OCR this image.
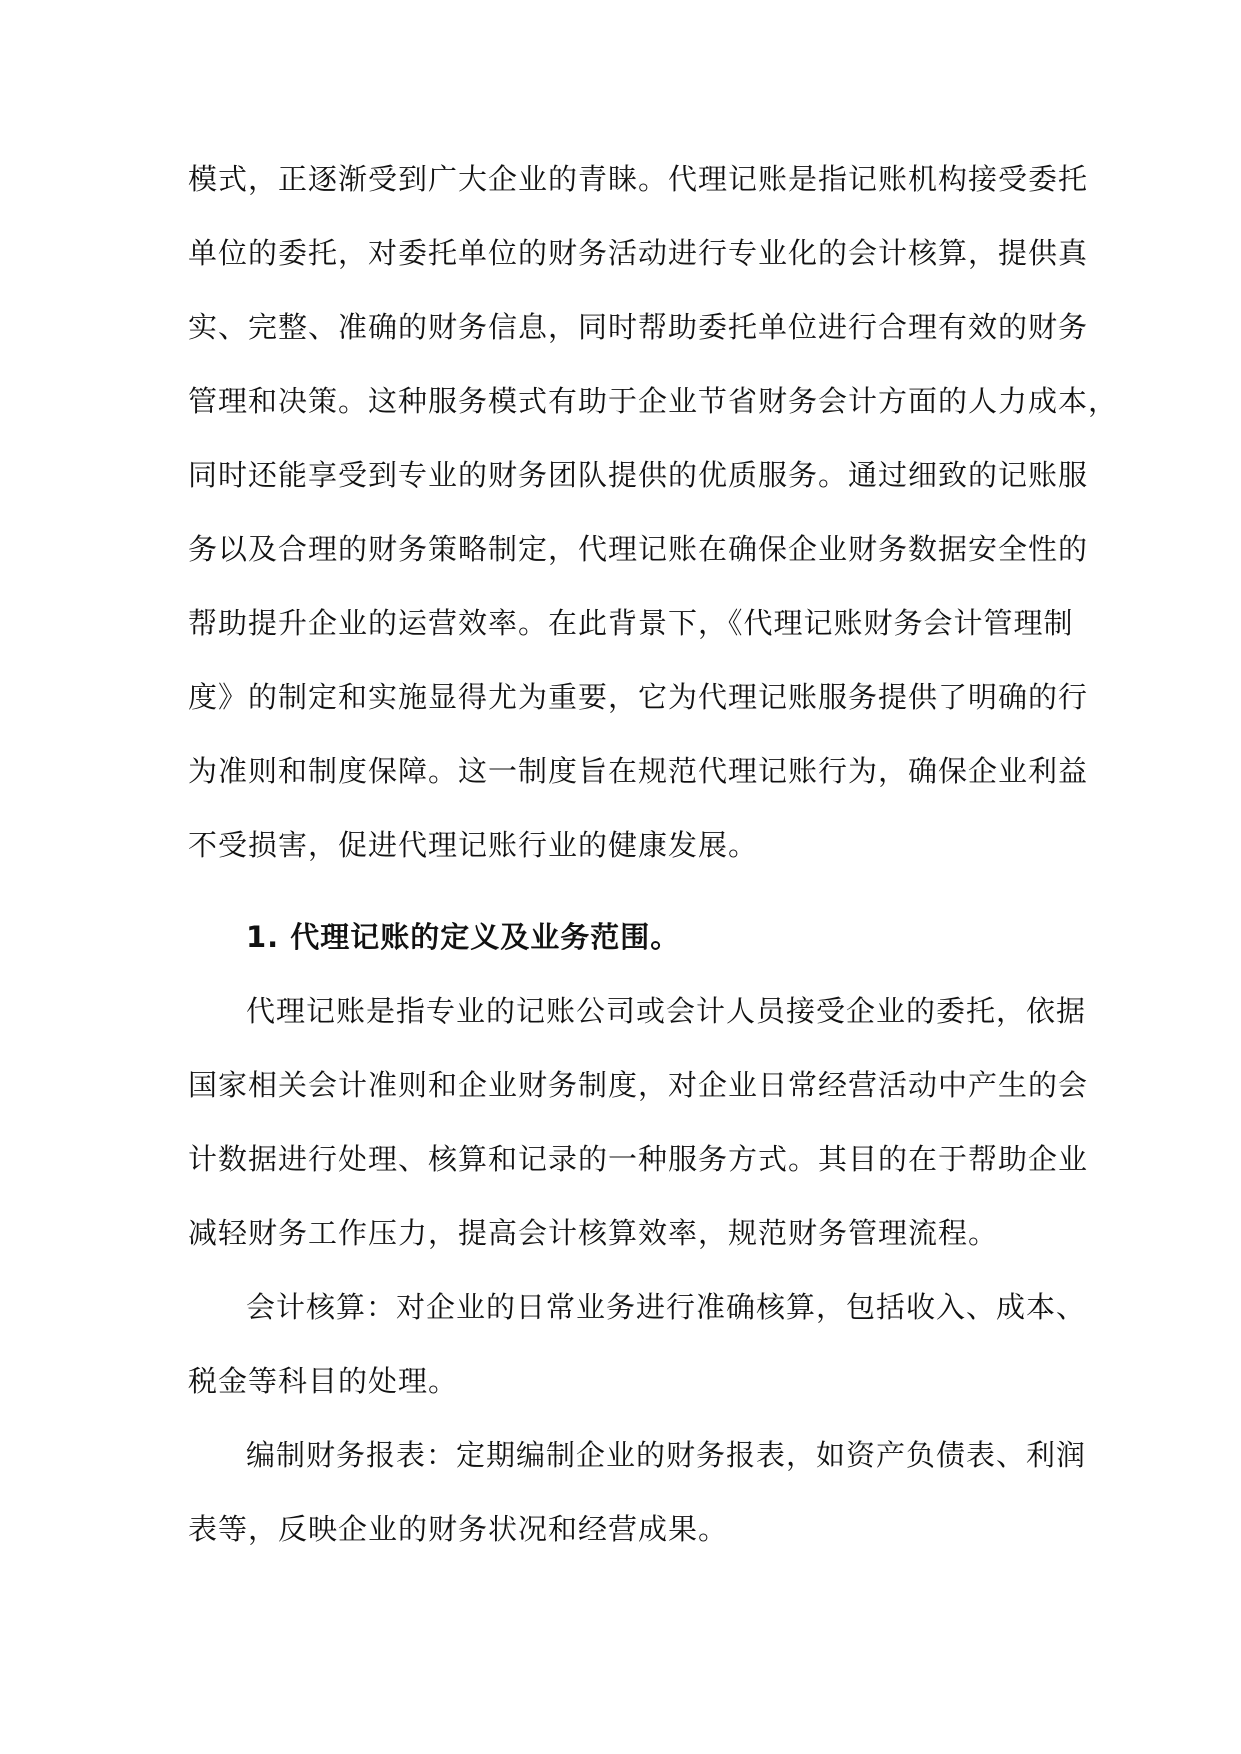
模式，正逐渐受到广大企业的青睐。代理记账是指记账机构接受委托
单位的委托，对委托单位的财务活动进行专业化的会计核算，提供真
实、完整、准确的财务信息，同时帮助委托单位进行合理有效的财务
管理和决策。这种服务模式有助于企业节省财务会计方面的人力成本，
同时还能享受到专业的财务团队提供的优质服务。通过细致的记账服
务以及合理的财务策略制定，代理记账在确保企业财务数据安全性的
帮助提升企业的运营效率。在此背景下，《代理记账财务会计管理制
度》的制定和实施显得尤为重要，它为代理记账服务提供了明确的行
为准则和制度保障。这一制度旨在规范代理记账行为，确保企业利益
不受损害，促进代理记账行业的健康发展。
1. 代理记账的定义及业务范围。
代理记账是指专业的记账公司或会计人员接受企业的委托，依据
国家相关会计准则和企业财务制度，对企业日常经营活动中产生的会
计数据进行处理、核算和记录的一种服务方式。其目的在于帮助企业
减轻财务工作压力，提高会计核算效率，规范财务管理流程。
会计核算：对企业的日常业务进行准确核算，包括收入、成本、
税金等科目的处理。
编制财务报表：定期编制企业的财务报表，如资产负债表、利润
表等，反映企业的财务状况和经营成果。
